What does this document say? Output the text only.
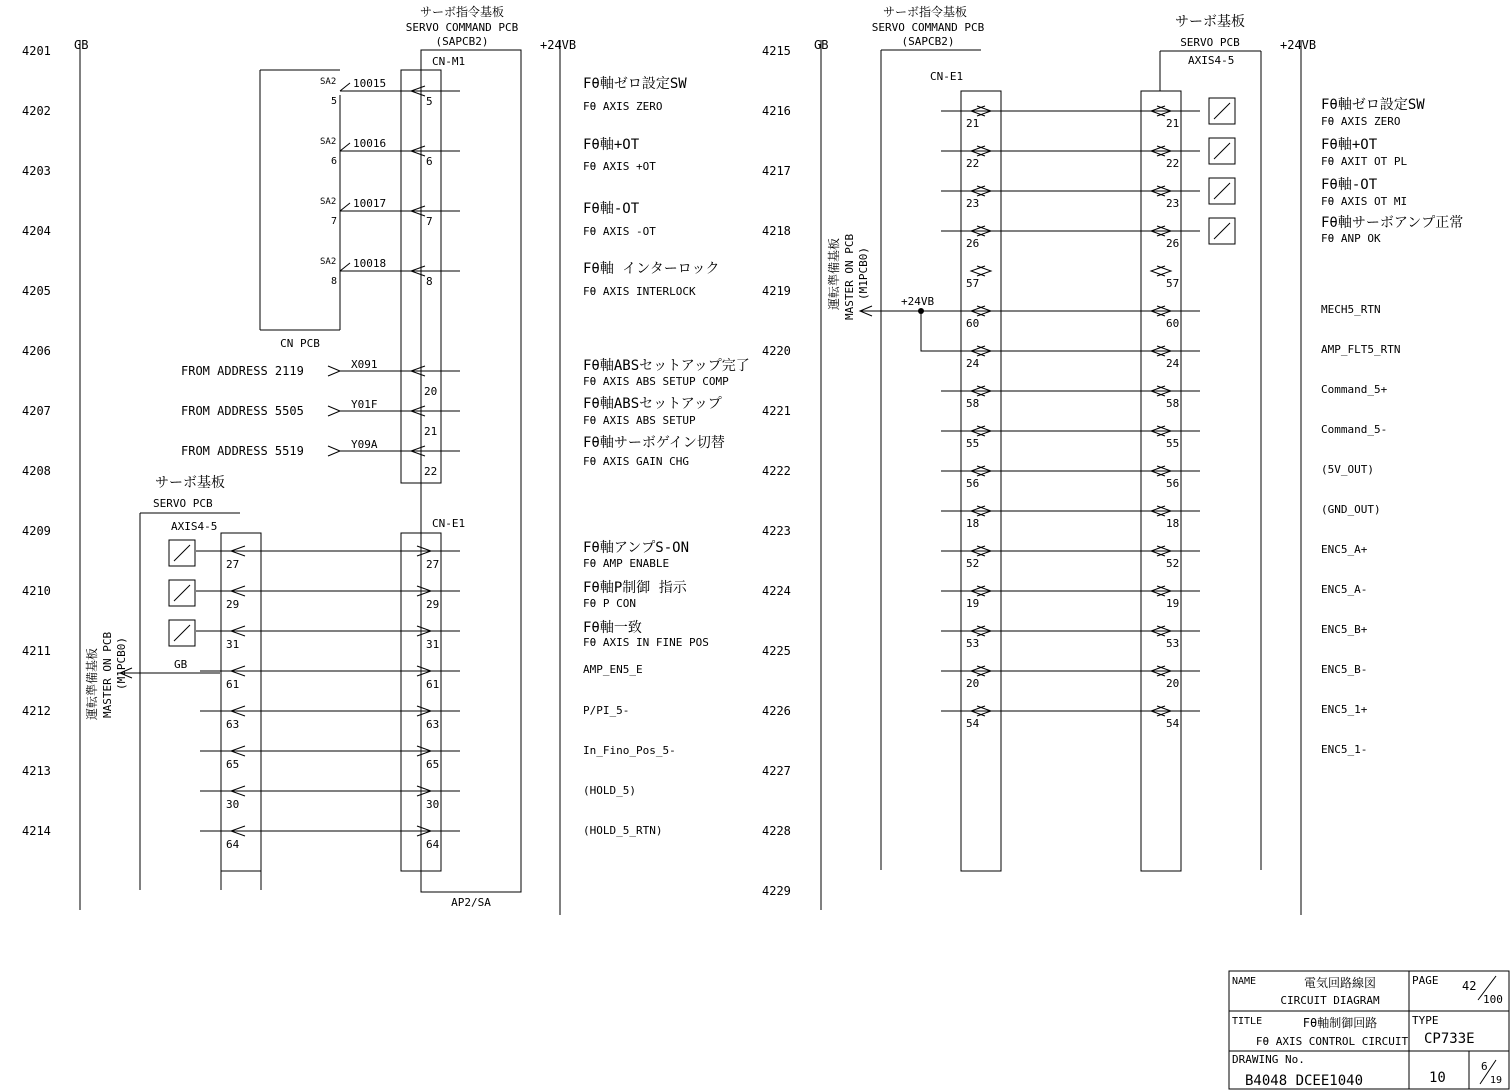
4201
4202
4203
4204
4205
4206
4207
4208
4209
4210
4211
4212
4213
4214
GB	+24VB
サーボ指令基板
SERVO COMMAND PCB
(SAPCB2)
AP2/SA
CN-M1
CN-E1
CN PCB
SA2
5
10015
5
SA2
6
10016
6
SA2
7
10017
7
SA2
8
10018
8
FROM ADDRESS 2119	X091
20
FROM ADDRESS 5505	Y01F
21
FROM ADDRESS 5519	Y09A
22
サーボ基板
SERVO PCB
AXIS4-5
運転準備基板 MASTER ON PCB (M1PCB0)	GB
27	27
29	29
31	31
61	61
63	63
65	65
30	30
64	64
Fθ軸ゼロ設定SW
Fθ AXIS ZERO
Fθ軸+OT
Fθ AXIS +OT
Fθ軸-OT
Fθ AXIS -OT
Fθ軸 インターロック
Fθ AXIS INTERLOCK
Fθ軸ABSセットアップ完了
Fθ AXIS ABS SETUP COMP
Fθ軸ABSセットアップ
Fθ AXIS ABS SETUP
Fθ軸サーボゲイン切替
Fθ AXIS GAIN CHG
Fθ軸アンプS-ON
Fθ AMP ENABLE
Fθ軸P制御 指示
Fθ P CON
Fθ軸一致
Fθ AXIS IN FINE POS
AMP_EN5_E
P/PI_5-
In_Fino_Pos_5-
(HOLD_5)
(HOLD_5_RTN)
4215
4216
4217
4218
4219
4220
4221
4222
4223
4224
4225
4226
4227
4228
4229
GB	+24VB
サーボ指令基板
SERVO COMMAND PCB
(SAPCB2)
CN-E1
サーボ基板
SERVO PCB
AXIS4-5
運転準備基板 MASTER ON PCB (M1PCB0)
+24VB
21	21
22	22
23	23
26	26
57	57
60	60
24	24
58	58
55	55
56	56
18	18
52	52
19	19
53	53
20	20
54	54
Fθ軸ゼロ設定SW
Fθ AXIS ZERO
Fθ軸+OT
Fθ AXIT OT PL
Fθ軸-OT
Fθ AXIS OT MI
Fθ軸サーボアンプ正常
Fθ ANP OK
MECH5_RTN
AMP_FLT5_RTN
Command_5+
Command_5-
(5V_OUT)
(GND_OUT)
ENC5_A+
ENC5_A-
ENC5_B+
ENC5_B-
ENC5_1+
ENC5_1-
NAME	電気回路線図
CIRCUIT DIAGRAM
PAGE 42
100
TITLE	Fθ軸制御回路
Fθ AXIS CONTROL CIRCUIT
TYPE
CP733E
DRAWING No.
B4048 DCEE1040	10
6
19
